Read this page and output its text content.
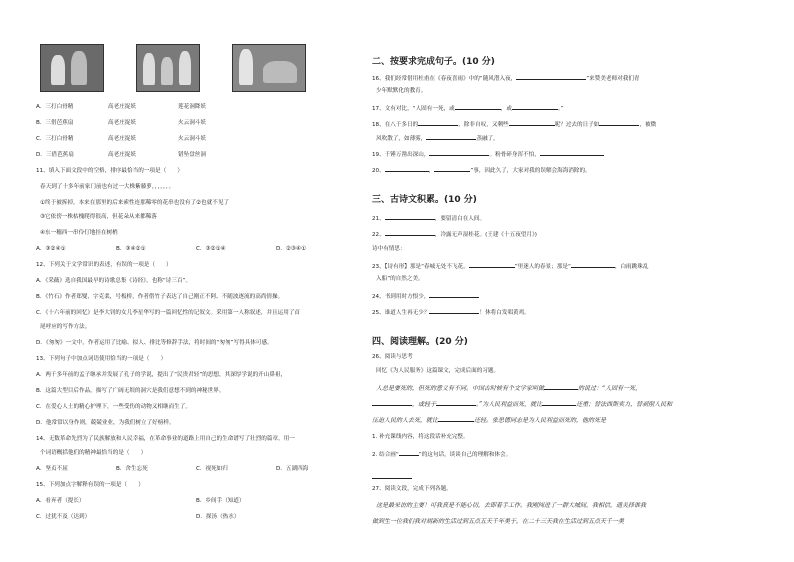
A．三打白骨精	高老庄捉妖	莲花洞降妖
B．三借芭蕉扇	高老庄捉妖	火云洞斗妖
C．三打白骨精	高老庄捉妖	火云洞斗妖
D．三借芭蕉扇	高老庄捉妖	错坠盘丝洞
11、填入下面文段中的空格，排序最恰当的一项是（　　）
春天到了十多年前家门前也有过一大株紫藤萝，，，，，，。
①终于被拆掉，本来在那里的后来索性连那稀零的花串也没有了②也就不见了
③它依傍一株枯槐爬得很高，但花朵从来都稀落
④东一穗西一串伶仃地挂在树梢
A．③②④①	B．③④②①	C．③②①④	D．②③④①
12、下列关于文学常识的表述，有误的一项是（　　）
A．《采薇》选自我国最早的诗歌总集《诗经》，也称“诗三百”。
B．《竹石》作者郑燮，字克柔，号板桥，作者借竹子表达了自己刚正不阿、不随波逐流的高尚情操。
C．《十六年前的回忆》是李大钊的女儿李星华写的一篇回忆性的记叙文。采用第一人称叙述，并且运用了首
尾呼应的写作方法。
D．《匆匆》一文中，作者运用了比喻、拟人、排比等修辞手法，将时间的“匆匆”写得具体可感。
13、下列句子中加点词语使用恰当的一项是（　　）
A．两千多年前的孟子继承并发展了孔子的学说，提出了“民贵君轻”的思想，其深厚学说的开山鼻祖，
B．这篇大型目后作品，描写了广阔无垠的洞穴是我们意想不到的神秘世界。
C．在爱心人士的精心护理下，一些受伤的动物又相继而生了。
D．他常常以身作则，兢兢业业，为我们树立了好榜样。
14、无数革命先烈为了民族解放和人民幸福，在革命事业的道路上用自己的生命谱写了壮烈的篇章。用一
个词语概括他们的精神最恰当的是（　　）
A．坚贞不屈	B．舍生忘死	C．视死如归	D．五湖四海
15、下列加点字解释有误的一项是（　　）
A．看弃者（提长）	B．乡间手（知道）
C．过犹不及（达到）	D．探汤（热水）
二、按要求完成句子。(10 分)
16、我们经常借用杜甫在《春夜喜雨》中的“随风潜入夜，	”来赞美老师对我们青
少年默默化的教育。
17、文有对比，“人固有一死，或	，或	。”
18、在八千多日的	，除非自叹，又剩些	呢？过去的日子如	，被微
风吹散了，如薄雾，	蒸融了。
19、千锤万凿出深山，	。粉骨碎身浑不怕，
20、	，	”事，因此久了，大家对我的误解会海海消除的。
三、古诗文积累。(10 分)
21、	，要留清白在人间。
22、	，冷露无声湿桂花。(王建《十五夜望月》)
诗中有情思：
23、【诗有形】那是“春城无处不飞花，	”里迷人的春景；那是“	，白雨跳珠乱
入船”的自然之美。
24、书到用时方恨少，
25、谁道人生再无少？	！休将白发唱黄鸡。
四、阅读理解。(20 分)
26、阅读与思考
回忆《为人民服务》这篇课文，完成后面的习题。
人总是要死的，但死的意义有不同。中国古时候有个文学家叫做	的说过：“人固有一死，
，或轻于	。”为人民利益而死，就比	还重；替法西斯卖力，替剥削人民和
压迫人民的人去死，就比	还轻。张思德同志是为人民利益而死的，他的死是
1. 补充课线内容，将这段话补充完整。
2. 结合画“	”的这句话，谈谈自己的理解和体会。
27、阅读文段，完成下列各题。
这是最采访的主要！可我真是不能心切，去即着手工作。我刚闯进了一群大城间，我相信，通关择谁我
做到生一位我们我对胡新的生活过到五点五天千年美于，在二十三天我在生活过到五点天千一美
